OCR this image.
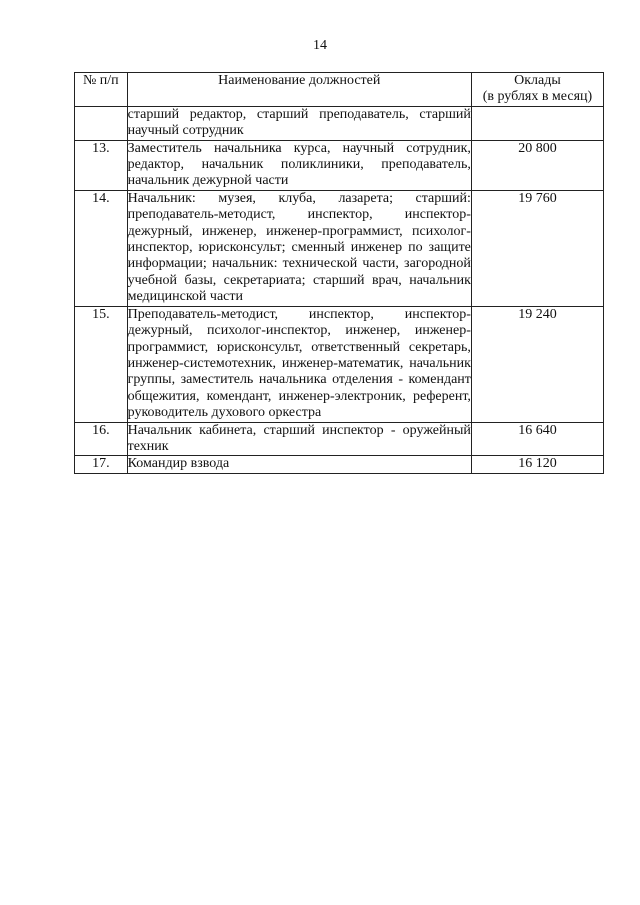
14
№ п/п	Наименование должностей	Оклады
(в рублях в месяц)

	старший редактор, старший преподаватель, старший научный сотрудник	
13.	Заместитель начальника курса, научный сотрудник, редактор, начальник поликлиники, преподаватель, начальник дежурной части	20 800
14.	Начальник: музея, клуба, лазарета; старший: преподаватель-методист, инспектор, инспектор-дежурный, инженер, инженер-программист, психолог-инспектор, юрисконсульт; сменный инженер по защите информации; начальник: технической части, загородной учебной базы, секретариата; старший врач, начальник медицинской части	19 760
15.	Преподаватель-методист, инспектор, инспектор-дежурный, психолог-инспектор, инженер, инженер-программист, юрисконсульт, ответственный секретарь, инженер-системотехник, инженер-математик, начальник группы, заместитель начальника отделения - комендант общежития, комендант, инженер-электроник, референт, руководитель духового оркестра	19 240
16.	Начальник кабинета, старший инспектор - оружейный техник	16 640
17.	Командир взвода	16 120
